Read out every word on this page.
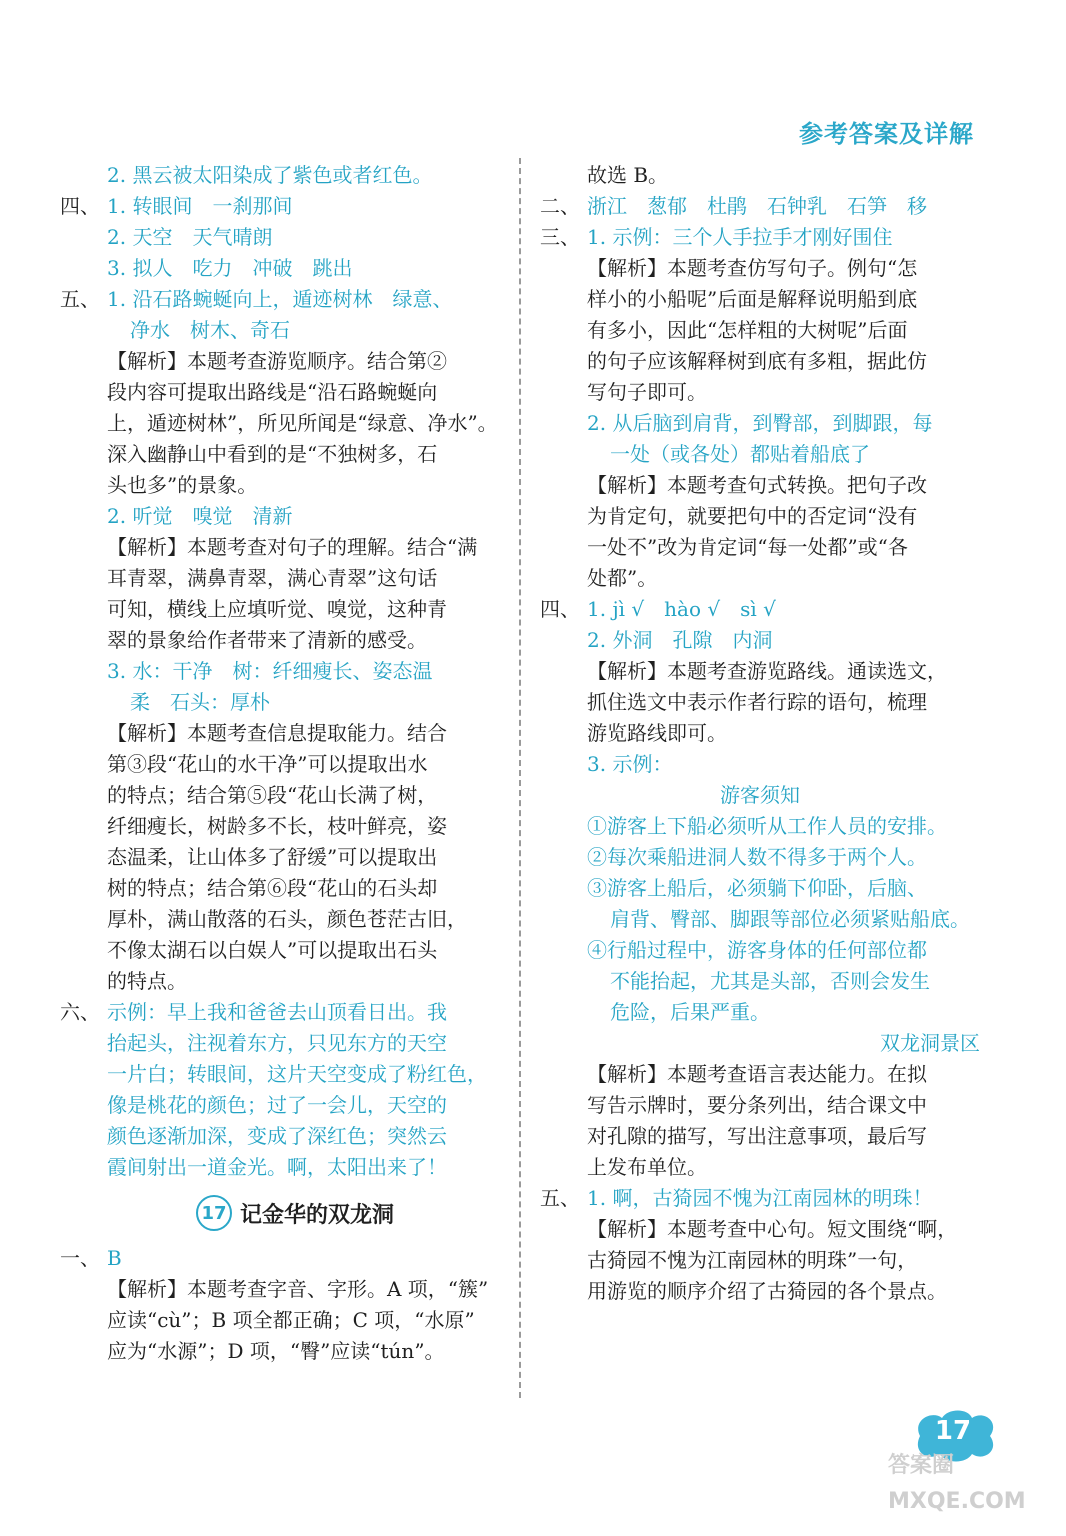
参考答案及详解
2. 黑云被太阳染成了紫色或者红色。
四、 1. 转眼间　一刹那间
2. 天空　天气晴朗
3. 拟人　吃力　冲破　跳出
五、 1. 沿石路蜿蜒向上，遁迹树林　绿意、
净水　树木、奇石
【解析】本题考查游览顺序。结合第②
段内容可提取出路线是“沿石路蜿蜒向
上，遁迹树林”，所见所闻是“绿意、净水”。
深入幽静山中看到的是“不独树多，石
头也多”的景象。
2. 听觉　嗅觉　清新
【解析】本题考查对句子的理解。结合“满
耳青翠，满鼻青翠，满心青翠”这句话
可知，横线上应填听觉、嗅觉，这种青
翠的景象给作者带来了清新的感受。
3. 水：干净　树：纤细瘦长、姿态温
柔　石头：厚朴
【解析】本题考查信息提取能力。结合
第③段“花山的水干净”可以提取出水
的特点；结合第⑤段“花山长满了树，
纤细瘦长，树龄多不长，枝叶鲜亮，姿
态温柔，让山体多了舒缓”可以提取出
树的特点；结合第⑥段“花山的石头却
厚朴，满山散落的石头，颜色苍茫古旧，
不像太湖石以白娱人”可以提取出石头
的特点。
六、 示例：早上我和爸爸去山顶看日出。我
抬起头，注视着东方，只见东方的天空
一片白；转眼间，这片天空变成了粉红色，
像是桃花的颜色；过了一会儿，天空的
颜色逐渐加深，变成了深红色；突然云
霞间射出一道金光。啊，太阳出来了！
17 记金华的双龙洞
一、 B
【解析】本题考查字音、字形。A 项，“簇”
应读“cù”；B 项全都正确；C 项，“水原”
应为“水源”；D 项，“臀”应读“tún”。
故选 B。
二、 浙江　葱郁　杜鹃　石钟乳　石笋　移
三、 1. 示例：三个人手拉手才刚好围住
【解析】本题考查仿写句子。例句“怎
样小的小船呢”后面是解释说明船到底
有多小，因此“怎样粗的大树呢”后面
的句子应该解释树到底有多粗，据此仿
写句子即可。
2. 从后脑到肩背，到臀部，到脚跟，每
一处（或各处）都贴着船底了
【解析】本题考查句式转换。把句子改
为肯定句，就要把句中的否定词“没有
一处不”改为肯定词“每一处都”或“各
处都”。
四、 1. jì √　hào √　sì √
2. 外洞　孔隙　内洞
【解析】本题考查游览路线。通读选文，
抓住选文中表示作者行踪的语句，梳理
游览路线即可。
3. 示例：
游客须知
①游客上下船必须听从工作人员的安排。
②每次乘船进洞人数不得多于两个人。
③游客上船后，必须躺下仰卧，后脑、
肩背、臀部、脚跟等部位必须紧贴船底。
④行船过程中，游客身体的任何部位都
不能抬起，尤其是头部，否则会发生
危险，后果严重。
双龙洞景区
【解析】本题考查语言表达能力。在拟
写告示牌时，要分条列出，结合课文中
对孔隙的描写，写出注意事项，最后写
上发布单位。
五、 1. 啊，古猗园不愧为江南园林的明珠！
【解析】本题考查中心句。短文围绕“啊，
古猗园不愧为江南园林的明珠”一句，
用游览的顺序介绍了古猗园的各个景点。
17
答案圈
MXQE.COM
